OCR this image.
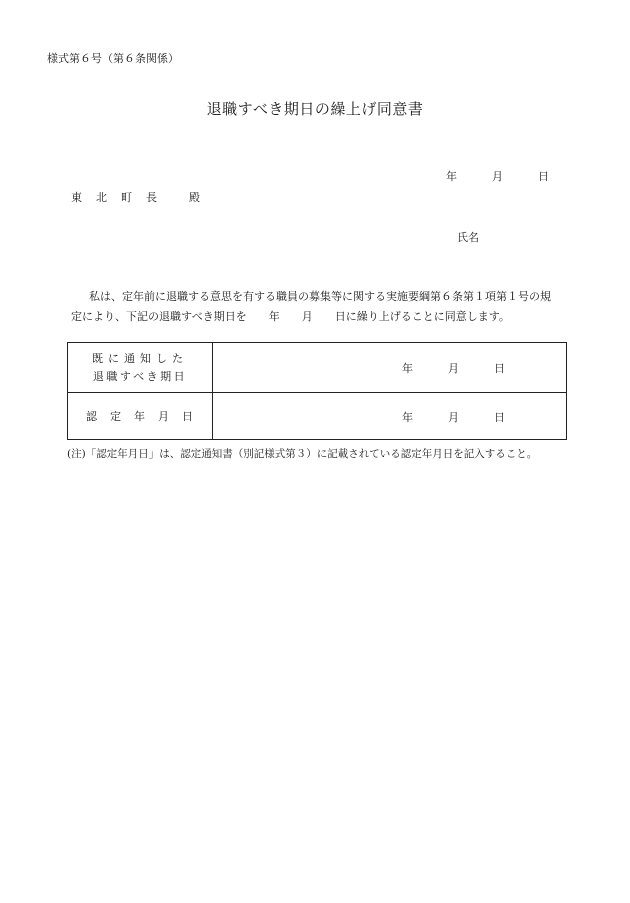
様式第６号（第６条関係）
退職すべき期日の繰上げ同意書
年	月	日
東 北 町 長	殿
氏名
私は、定年前に退職する意思を有する職員の募集等に関する実施要綱第６条第１項第１号の規
定により、下記の退職すべき期日を 年 月 日に繰り上げることに同意します。
既に通知した
退職すべき期日
年	月	日
認　定　年　月　日	年	月	日
(注)「認定年月日」は、認定通知書（別記様式第３）に記載されている認定年月日を記入すること。
